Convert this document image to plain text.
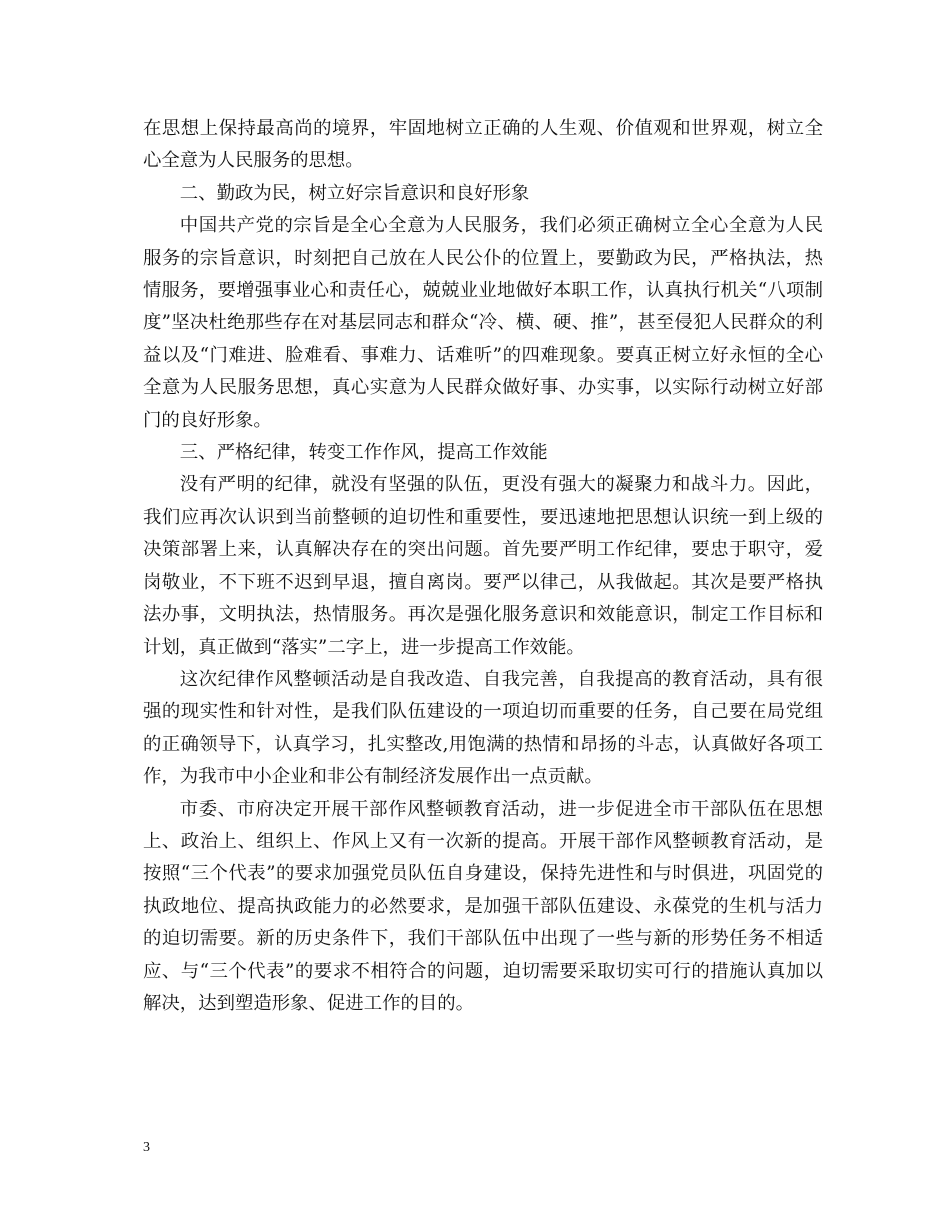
在思想上保持最高尚的境界，牢固地树立正确的人生观、价值观和世界观，树立全心全意为人民服务的思想。

二、勤政为民，树立好宗旨意识和良好形象

中国共产党的宗旨是全心全意为人民服务，我们必须正确树立全心全意为人民服务的宗旨意识，时刻把自己放在人民公仆的位置上，要勤政为民，严格执法，热情服务，要增强事业心和责任心，兢兢业业地做好本职工作，认真执行机关“八项制度”坚决杜绝那些存在对基层同志和群众“冷、横、硬、推”，甚至侵犯人民群众的利益以及“门难进、脸难看、事难力、话难听”的四难现象。要真正树立好永恒的全心全意为人民服务思想，真心实意为人民群众做好事、办实事，以实际行动树立好部门的良好形象。

三、严格纪律，转变工作作风，提高工作效能

没有严明的纪律，就没有坚强的队伍，更没有强大的凝聚力和战斗力。因此，我们应再次认识到当前整顿的迫切性和重要性，要迅速地把思想认识统一到上级的决策部署上来，认真解决存在的突出问题。首先要严明工作纪律，要忠于职守，爱岗敬业，不下班不迟到早退，擅自离岗。要严以律己，从我做起。其次是要严格执法办事，文明执法，热情服务。再次是强化服务意识和效能意识，制定工作目标和计划，真正做到“落实”二字上，进一步提高工作效能。

这次纪律作风整顿活动是自我改造、自我完善，自我提高的教育活动，具有很强的现实性和针对性，是我们队伍建设的一项迫切而重要的任务，自己要在局党组的正确领导下，认真学习，扎实整改,用饱满的热情和昂扬的斗志，认真做好各项工作，为我市中小企业和非公有制经济发展作出一点贡献。

市委、市府决定开展干部作风整顿教育活动，进一步促进全市干部队伍在思想上、政治上、组织上、作风上又有一次新的提高。开展干部作风整顿教育活动，是按照“三个代表”的要求加强党员队伍自身建设，保持先进性和与时俱进，巩固党的执政地位、提高执政能力的必然要求，是加强干部队伍建设、永葆党的生机与活力的迫切需要。新的历史条件下，我们干部队伍中出现了一些与新的形势任务不相适应、与“三个代表”的要求不相符合的问题，迫切需要采取切实可行的措施认真加以解决，达到塑造形象、促进工作的目的。

3
